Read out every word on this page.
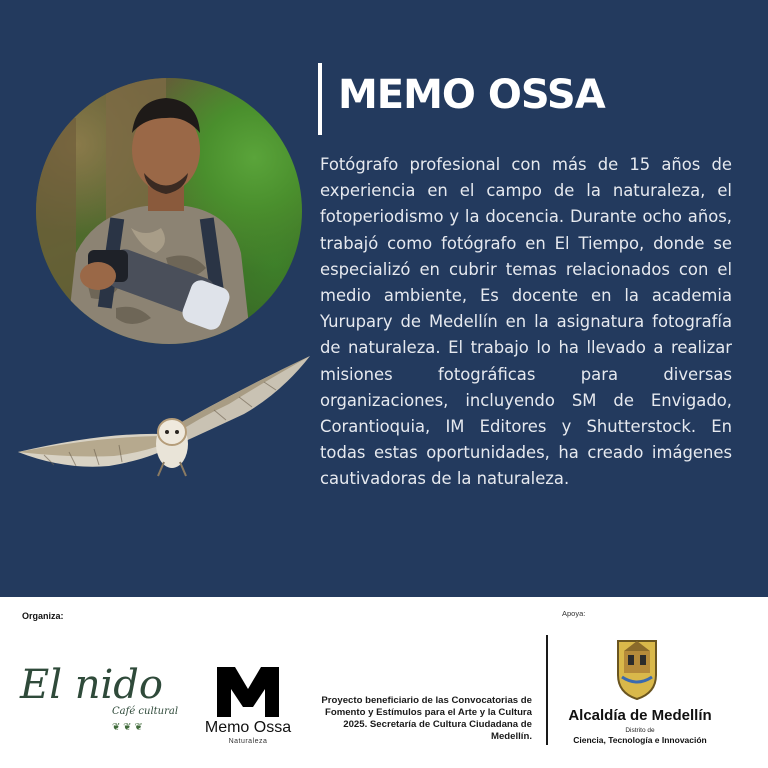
MEMO OSSA
Fotógrafo profesional con más de 15 años de experiencia en el campo de la naturaleza, el fotoperiodismo y la docencia. Durante ocho años, trabajó como fotógrafo en El Tiempo, donde se especializó en cubrir temas relacionados con el medio ambiente, Es docente en la academia Yurupary de Medellín en la asignatura fotografía de naturaleza. El trabajo lo ha llevado a realizar misiones fotográficas para diversas organizaciones, incluyendo SM de Envigado, Corantioquia, IM Editores y Shutterstock. En todas estas oportunidades, ha creado imágenes cautivadoras de la naturaleza.
Organiza:	Apoya:
El nido
Café cultural
❦ ❦ ❦	Memo Ossa
Naturaleza
Proyecto beneficiario de las Convocatorias de Fomento y Estímulos para el Arte y la Cultura 2025. Secretaría de Cultura Ciudadana de Medellín.
Alcaldía de Medellín
Distrito de
Ciencia, Tecnología e Innovación
